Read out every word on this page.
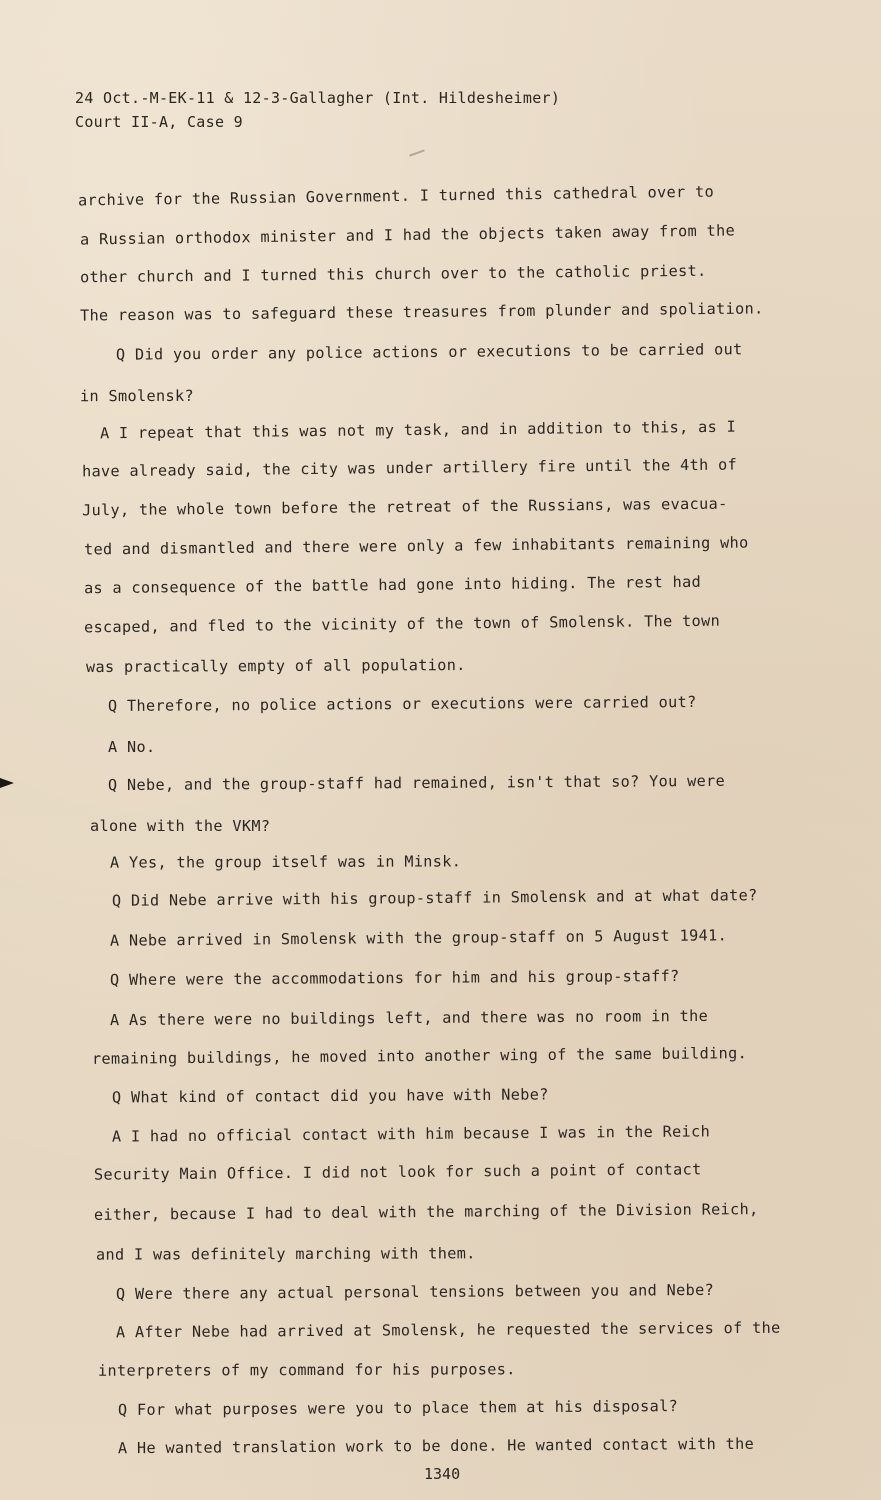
24 Oct.-M-EK-11 & 12-3-Gallagher (Int. Hildesheimer)
Court II-A, Case 9
archive for the Russian Government. I turned this cathedral over to
a Russian orthodox minister and I had the objects taken away from the
other church and I turned this church over to the catholic priest.
The reason was to safeguard these treasures from plunder and spoliation.
Q Did you order any police actions or executions to be carried out
in Smolensk?
A I repeat that this was not my task, and in addition to this, as I
have already said, the city was under artillery fire until the 4th of
July, the whole town before the retreat of the Russians, was evacua-
ted and dismantled and there were only a few inhabitants remaining who
as a consequence of the battle had gone into hiding. The rest had
escaped, and fled to the vicinity of the town of Smolensk. The town
was practically empty of all population.
Q Therefore, no police actions or executions were carried out?
A No.
Q Nebe, and the group-staff had remained, isn't that so? You were
alone with the VKM?
A Yes, the group itself was in Minsk.
Q Did Nebe arrive with his group-staff in Smolensk and at what date?
A Nebe arrived in Smolensk with the group-staff on 5 August 1941.
Q Where were the accommodations for him and his group-staff?
A As there were no buildings left, and there was no room in the
remaining buildings, he moved into another wing of the same building.
Q What kind of contact did you have with Nebe?
A I had no official contact with him because I was in the Reich
Security Main Office. I did not look for such a point of contact
either, because I had to deal with the marching of the Division Reich,
and I was definitely marching with them.
Q Were there any actual personal tensions between you and Nebe?
A After Nebe had arrived at Smolensk, he requested the services of the
interpreters of my command for his purposes.
Q For what purposes were you to place them at his disposal?
A He wanted translation work to be done. He wanted contact with the
1340
